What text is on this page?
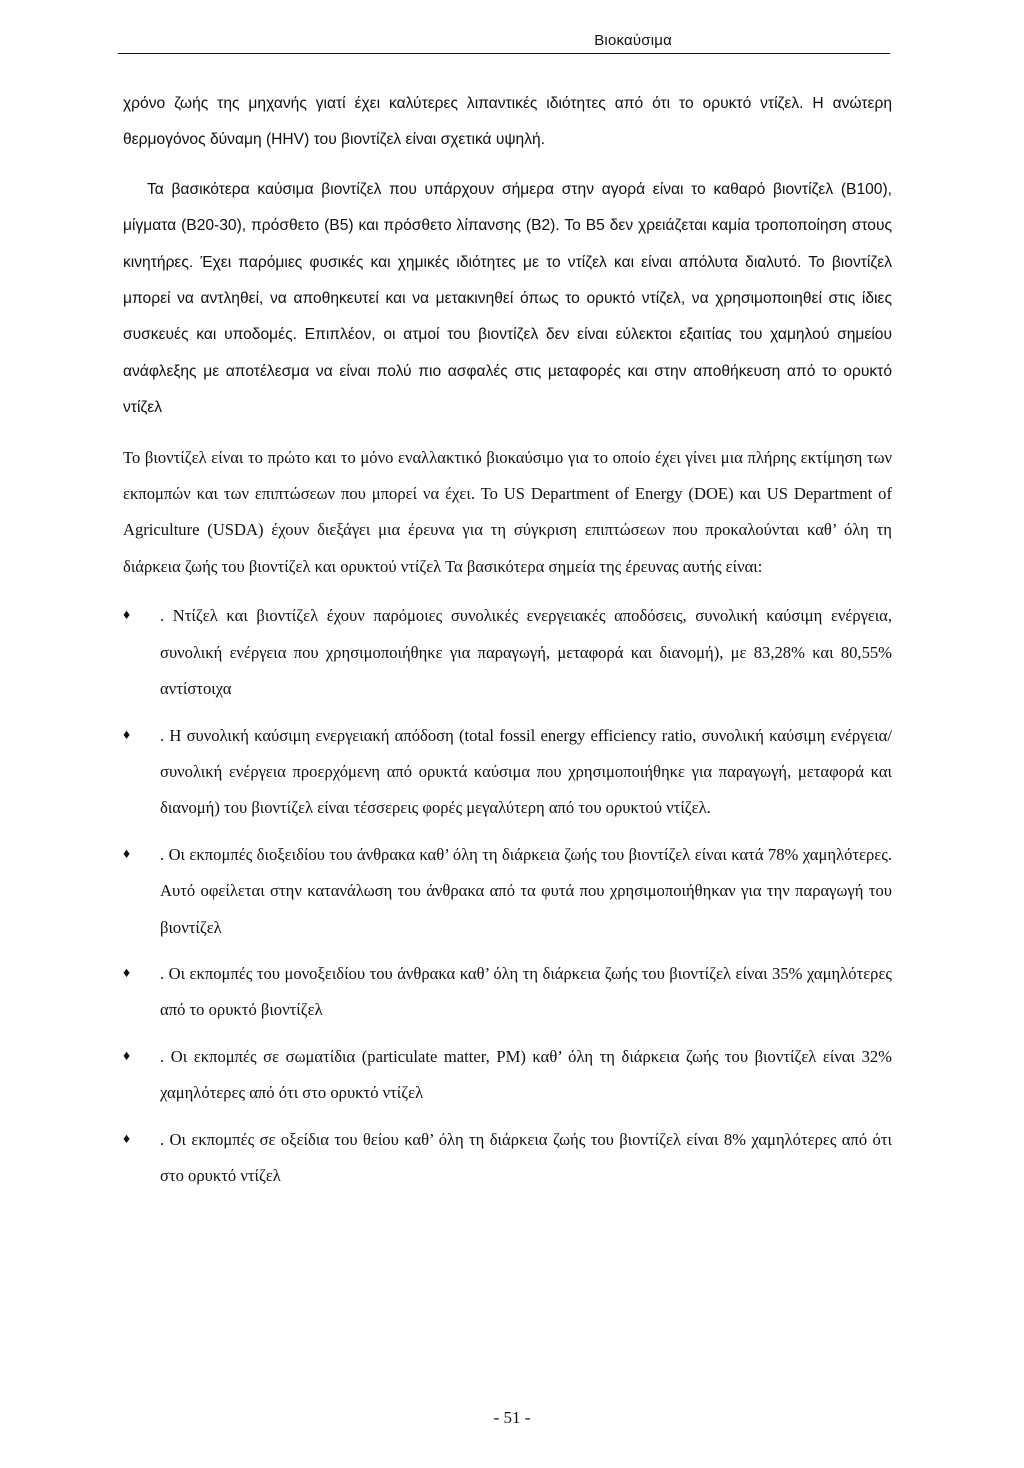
Βιοκαύσιμα

χρόνο ζωής της μηχανής γιατί έχει καλύτερες λιπαντικές ιδιότητες από ότι το ορυκτό ντίζελ. Η ανώτερη θερμογόνος δύναμη (HHV) του βιοντίζελ είναι σχετικά υψηλή.

Τα βασικότερα καύσιμα βιοντίζελ που υπάρχουν σήμερα στην αγορά είναι το καθαρό βιοντίζελ (Β100), μίγματα (Β20-30), πρόσθετο (Β5) και πρόσθετο λίπανσης (Β2). Το Β5 δεν χρειάζεται καμία τροποποίηση στους κινητήρες. Έχει παρόμιες φυσικές και χημικές ιδιότητες με το ντίζελ και είναι απόλυτα διαλυτό. Το βιοντίζελ μπορεί να αντληθεί, να αποθηκευτεί και να μετακινηθεί όπως το ορυκτό ντίζελ, να χρησιμοποιηθεί στις ίδιες συσκευές και υποδομές. Επιπλέον, οι ατμοί του βιοντίζελ δεν είναι εύλεκτοι εξαιτίας του χαμηλού σημείου ανάφλεξης με αποτέλεσμα να είναι πολύ πιο ασφαλές στις μεταφορές και στην αποθήκευση από το ορυκτό ντίζελ

Το βιοντίζελ είναι το πρώτο και το μόνο εναλλακτικό βιοκαύσιμο για το οποίο έχει γίνει μια πλήρης εκτίμηση των εκπομπών και των επιπτώσεων που μπορεί να έχει. Το US Department of Energy (DOE) και US Department of Agriculture (USDA) έχουν διεξάγει μια έρευνα για τη σύγκριση επιπτώσεων που προκαλούνται καθ’ όλη τη διάρκεια ζωής του βιοντίζελ και ορυκτού ντίζελ Τα βασικότερα σημεία της έρευνας αυτής είναι:

♦ . Ντίζελ και βιοντίζελ έχουν παρόμοιες συνολικές ενεργειακές αποδόσεις, συνολική καύσιμη ενέργεια, συνολική ενέργεια που χρησιμοποιήθηκε για παραγωγή, μεταφορά και διανομή), με 83,28% και 80,55% αντίστοιχα
♦ . Η συνολική καύσιμη ενεργειακή απόδοση (total fossil energy efficiency ratio, συνολική καύσιμη ενέργεια/ συνολική ενέργεια προερχόμενη από ορυκτά καύσιμα που χρησιμοποιήθηκε για παραγωγή, μεταφορά και διανομή) του βιοντίζελ είναι τέσσερεις φορές μεγαλύτερη από του ορυκτού ντίζελ.
♦ . Οι εκπομπές διοξειδίου του άνθρακα καθ’ όλη τη διάρκεια ζωής του βιοντίζελ είναι κατά 78% χαμηλότερες. Αυτό οφείλεται στην κατανάλωση του άνθρακα από τα φυτά που χρησιμοποιήθηκαν για την παραγωγή του βιοντίζελ
♦ . Οι εκπομπές του μονοξειδίου του άνθρακα καθ’ όλη τη διάρκεια ζωής του βιοντίζελ είναι 35% χαμηλότερες από το ορυκτό βιοντίζελ
♦ . Οι εκπομπές σε σωματίδια (particulate matter, PM) καθ’ όλη τη διάρκεια ζωής του βιοντίζελ είναι 32% χαμηλότερες από ότι στο ορυκτό ντίζελ
♦ . Οι εκπομπές σε οξείδια του θείου καθ’ όλη τη διάρκεια ζωής του βιοντίζελ είναι 8% χαμηλότερες από ότι στο ορυκτό ντίζελ
- 51 -
